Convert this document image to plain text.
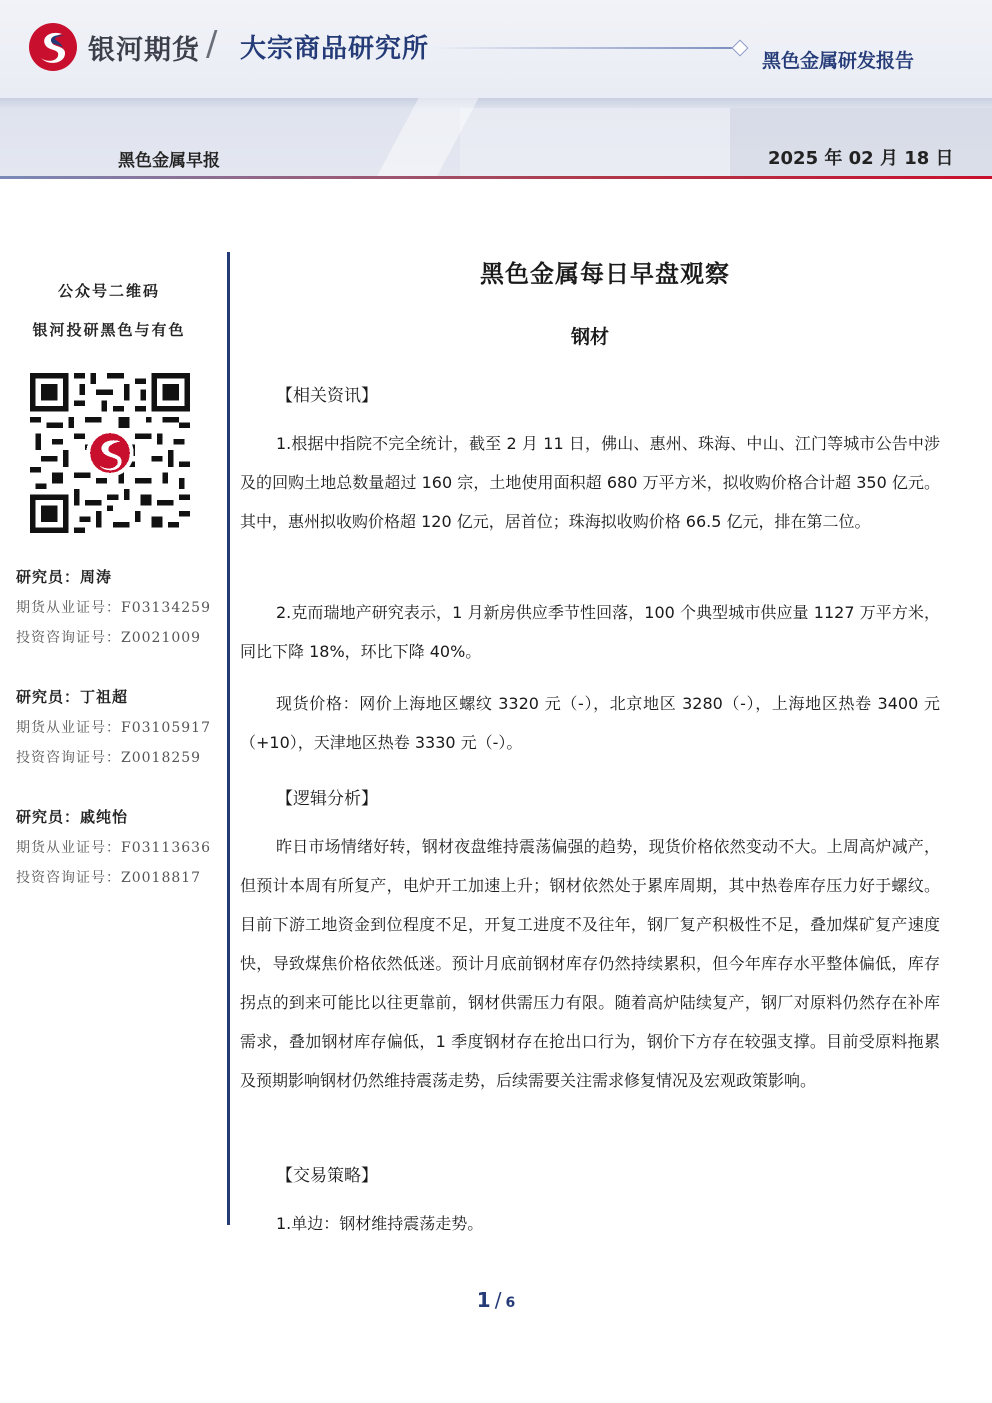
银河期货 / 大宗商品研究所	黑色金属研发报告
黑色金属早报	2025 年 02 月 18 日
公众号二维码
银河投研黑色与有色
研究员：周涛
期货从业证号：F03134259
投资咨询证号：Z0021009
研究员：丁祖超
期货从业证号：F03105917
投资咨询证号：Z0018259
研究员：戚纯怡
期货从业证号：F03113636
投资咨询证号：Z0018817
黑色金属每日早盘观察
钢材
【相关资讯】
1.根据中指院不完全统计，截至 2 月 11 日，佛山、惠州、珠海、中山、江门等城市公告中涉及的回购土地总数量超过 160 宗，土地使用面积超 680 万平方米，拟收购价格合计超 350 亿元。其中，惠州拟收购价格超 120 亿元，居首位；珠海拟收购价格 66.5 亿元，排在第二位。
2.克而瑞地产研究表示，1 月新房供应季节性回落，100 个典型城市供应量 1127 万平方米，同比下降 18%，环比下降 40%。
现货价格：网价上海地区螺纹 3320 元（-），北京地区 3280（-），上海地区热卷 3400 元（+10），天津地区热卷 3330 元（-）。
【逻辑分析】
昨日市场情绪好转，钢材夜盘维持震荡偏强的趋势，现货价格依然变动不大。上周高炉减产，但预计本周有所复产，电炉开工加速上升；钢材依然处于累库周期，其中热卷库存压力好于螺纹。目前下游工地资金到位程度不足，开复工进度不及往年，钢厂复产积极性不足，叠加煤矿复产速度快，导致煤焦价格依然低迷。预计月底前钢材库存仍然持续累积，但今年库存水平整体偏低，库存拐点的到来可能比以往更靠前，钢材供需压力有限。随着高炉陆续复产，钢厂对原料仍然存在补库需求，叠加钢材库存偏低，1 季度钢材存在抢出口行为，钢价下方存在较强支撑。目前受原料拖累及预期影响钢材仍然维持震荡走势，后续需要关注需求修复情况及宏观政策影响。
【交易策略】
1.单边：钢材维持震荡走势。
1 / 6
